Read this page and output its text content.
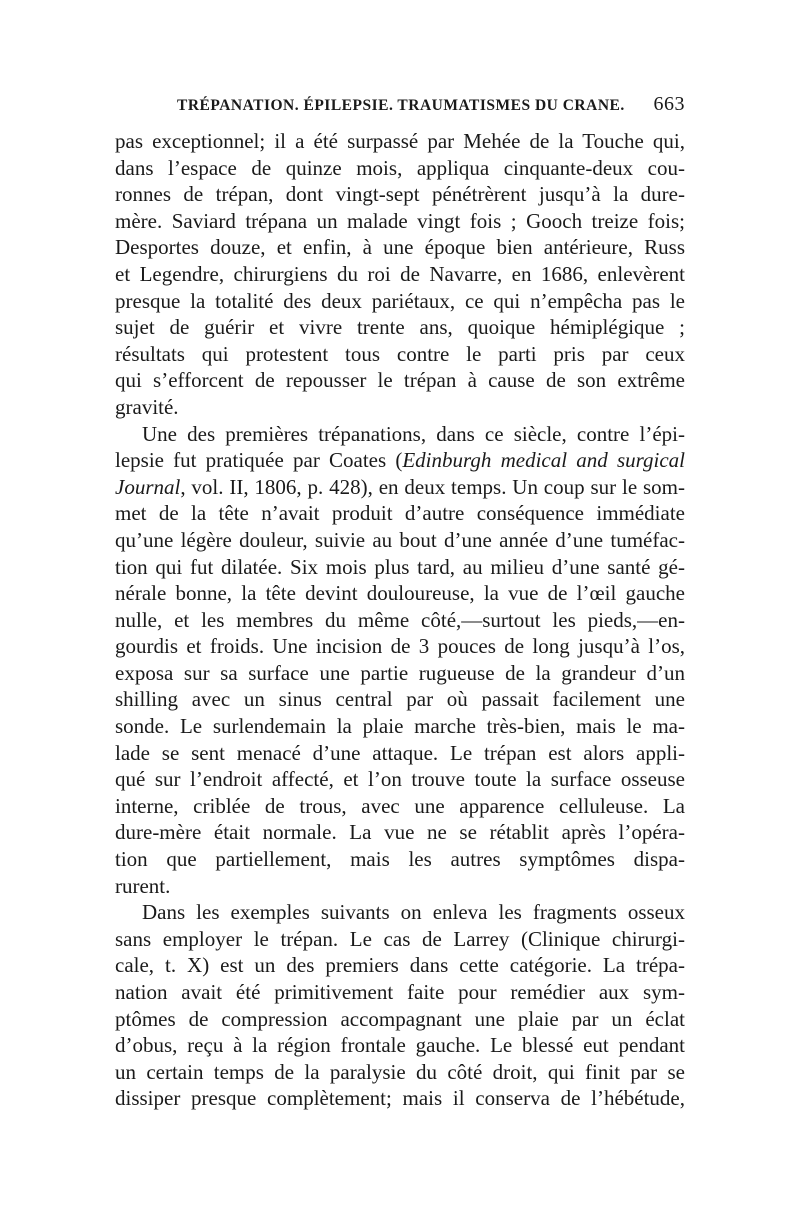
TRÉPANATION. ÉPILEPSIE. TRAUMATISMES DU CRANE. 663
pas exceptionnel; il a été surpassé par Mehée de la Touche qui,
dans l’espace de quinze mois, appliqua cinquante-deux cou-
ronnes de trépan, dont vingt-sept pénétrèrent jusqu’à la dure-
mère. Saviard trépana un malade vingt fois ; Gooch treize fois;
Desportes douze, et enfin, à une époque bien antérieure, Russ
et Legendre, chirurgiens du roi de Navarre, en 1686, enlevèrent
presque la totalité des deux pariétaux, ce qui n’empêcha pas le
sujet de guérir et vivre trente ans, quoique hémiplégique ;
résultats qui protestent tous contre le parti pris par ceux
qui s’efforcent de repousser le trépan à cause de son extrême
gravité.
Une des premières trépanations, dans ce siècle, contre l’épi-
lepsie fut pratiquée par Coates (Edinburgh medical and surgical
Journal, vol. II, 1806, p. 428), en deux temps. Un coup sur le som-
met de la tête n’avait produit d’autre conséquence immédiate
qu’une légère douleur, suivie au bout d’une année d’une tuméfac-
tion qui fut dilatée. Six mois plus tard, au milieu d’une santé gé-
nérale bonne, la tête devint douloureuse, la vue de l’œil gauche
nulle, et les membres du même côté,—surtout les pieds,—en-
gourdis et froids. Une incision de 3 pouces de long jusqu’à l’os,
exposa sur sa surface une partie rugueuse de la grandeur d’un
shilling avec un sinus central par où passait facilement une
sonde. Le surlendemain la plaie marche très-bien, mais le ma-
lade se sent menacé d’une attaque. Le trépan est alors appli-
qué sur l’endroit affecté, et l’on trouve toute la surface osseuse
interne, criblée de trous, avec une apparence celluleuse. La
dure-mère était normale. La vue ne se rétablit après l’opéra-
tion que partiellement, mais les autres symptômes dispa-
rurent.
Dans les exemples suivants on enleva les fragments osseux
sans employer le trépan. Le cas de Larrey (Clinique chirurgi-
cale, t. X) est un des premiers dans cette catégorie. La trépa-
nation avait été primitivement faite pour remédier aux sym-
ptômes de compression accompagnant une plaie par un éclat
d’obus, reçu à la région frontale gauche. Le blessé eut pendant
un certain temps de la paralysie du côté droit, qui finit par se
dissiper presque complètement; mais il conserva de l’hébétude,
